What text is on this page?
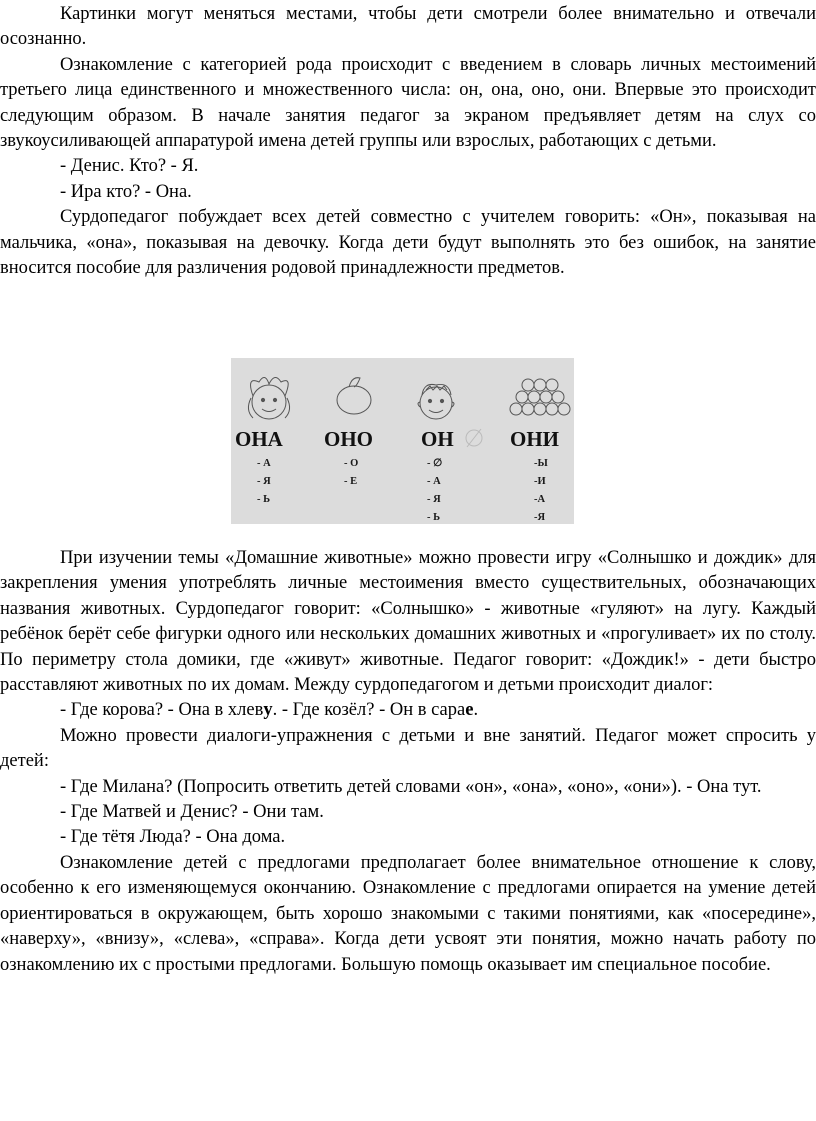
Картинки могут меняться местами, чтобы дети смотрели более внимательно и отвечали осознанно.

Ознакомление с категорией рода происходит с введением в словарь личных местоимений третьего лица единственного и множественного числа: он, она, оно, они. Впервые это происходит следующим образом. В начале занятия педагог за экраном предъявляет детям на слух со звукоусиливающей аппаратурой имена детей группы или взрослых, работающих с детьми.

- Денис. Кто? - Я.

- Ира кто? - Она.

Сурдопедагог побуждает всех детей совместно с учителем говорить: «Он», показывая на мальчика, «она», показывая на девочку. Когда дети будут выполнять это без ошибок, на занятие вносится пособие для различения родовой принадлежности предметов.

ОНА ОНО ОН	ОНИ
- А
- Я
- Ь
- О
- Е
- ∅
- А
- Я
- Ь
-Ы
-И
-А
-Я

При изучении темы «Домашние животные» можно провести игру «Солнышко и дождик» для закрепления умения употреблять личные местоимения вместо существительных, обозначающих названия животных. Сурдопедагог говорит: «Солнышко» - животные «гуляют» на лугу. Каждый ребёнок берёт себе фигурки одного или нескольких домашних животных и «прогуливает» их по столу. По периметру стола домики, где «живут» животные. Педагог говорит: «Дождик!» - дети быстро расставляют животных по их домам. Между сурдопедагогом и детьми происходит диалог:

- Где корова? - Она в хлеву. - Где козёл? - Он в сарае.

Можно провести диалоги-упражнения с детьми и вне занятий. Педагог может спросить у детей:

- Где Милана? (Попросить ответить детей словами «он», «она», «оно», «они»). - Она тут.

- Где Матвей и Денис? - Они там.

- Где тётя Люда? - Она дома.

Ознакомление детей с предлогами предполагает более внимательное отношение к слову, особенно к его изменяющемуся окончанию. Ознакомление с предлогами опирается на умение детей ориентироваться в окружающем, быть хорошо знакомыми с такими понятиями, как «посередине», «наверху», «внизу», «слева», «справа». Когда дети усвоят эти понятия, можно начать работу по ознакомлению их с простыми предлогами. Большую помощь оказывает им специальное пособие.
